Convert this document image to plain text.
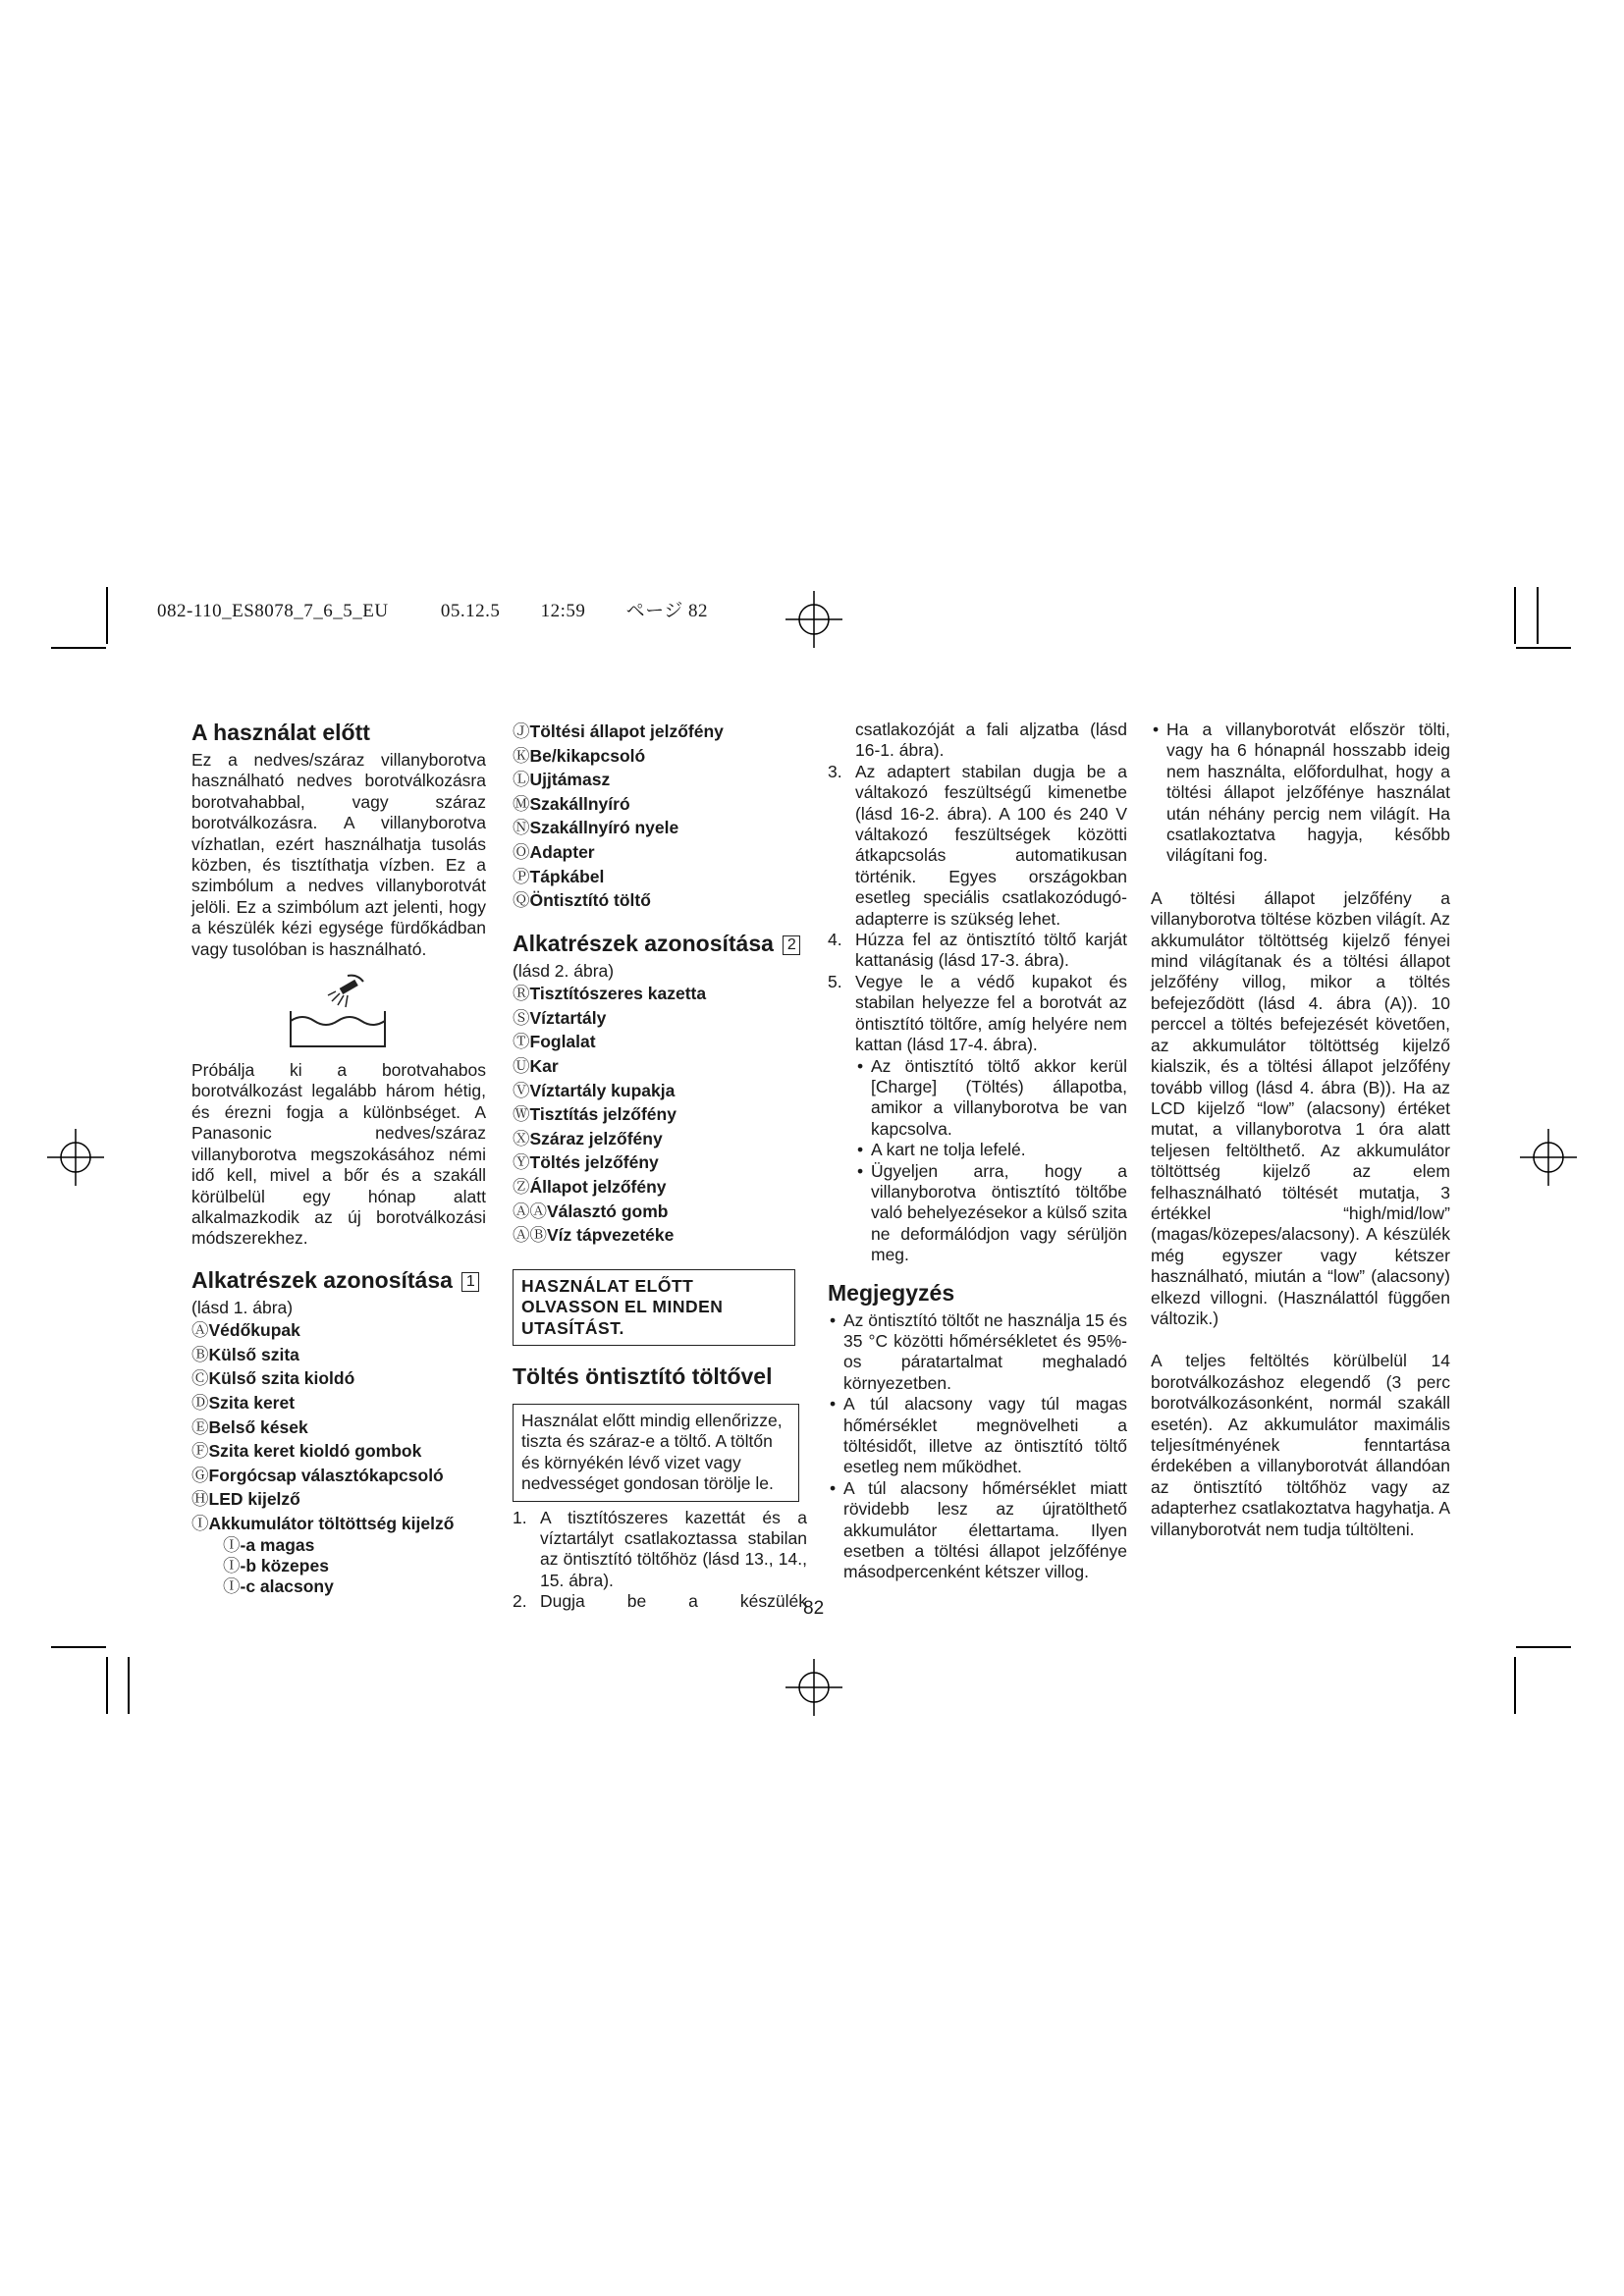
082-110_ES8078_7_6_5_EU	05.12.5 12:59 ページ 82
A használat előtt

Ez a nedves/száraz villanyborotva használható nedves borotválkozásra borotvahabbal, vagy száraz borotválkozásra. A villanyborotva vízhatlan, ezért használhatja tusolás közben, és tisztíthatja vízben. Ez a szimbólum a nedves villanyborotvát jelöli. Ez a szimbólum azt jelenti, hogy a készülék kézi egysége fürdőkádban vagy tusolóban is használható.

Próbálja ki a borotvahabos borotválkozást legalább három hétig, és érezni fogja a különbséget. A Panasonic nedves/száraz villanyborotva megszokásához némi idő kell, mivel a bőr és a szakáll körülbelül egy hónap alatt alkalmazkodik az új borotválkozási módszerekhez.

Alkatrészek azonosítása 1
(lásd 1. ábra)
ⒶVédőkupak
ⒷKülső szita
ⒸKülső szita kioldó
ⒹSzita keret
ⒺBelső kések
ⒻSzita keret kioldó gombok
ⒼForgócsap választókapcsoló
ⒽLED kijelző
ⒾAkkumulátor töltöttség kijelző
Ⓘ-a magas
Ⓘ-b közepes
Ⓘ-c alacsony
ⒿTöltési állapot jelzőfény
ⓀBe/kikapcsoló
ⓁUjjtámasz
ⓂSzakállnyíró
ⓃSzakállnyíró nyele
ⓄAdapter
ⓅTápkábel
ⓆÖntisztító töltő
Alkatrészek azonosítása 2
(lásd 2. ábra)
ⓇTisztítószeres kazetta
ⓈVíztartály
ⓉFoglalat
ⓊKar
ⓋVíztartály kupakja
ⓌTisztítás jelzőfény
ⓍSzáraz jelzőfény
ⓎTöltés jelzőfény
ⓏÁllapot jelzőfény
ⒶⒶVálasztó gomb
ⒶⒷVíz tápvezetéke
HASZNÁLAT ELŐTT OLVASSON EL MINDEN UTASÍTÁST.
Töltés öntisztító töltővel
Használat előtt mindig ellenőrizze, tiszta és száraz-e a töltő. A töltőn és környékén lévő vizet vagy nedvességet gondosan törölje le.
1. A tisztítószeres kazettát és a víztartályt csatlakoztassa stabilan az öntisztító töltőhöz (lásd 13., 14., 15. ábra).
2. Dugja be a készülék

csatlakozóját a fali aljzatba (lásd 16-1. ábra).

3. Az adaptert stabilan dugja be a váltakozó feszültségű kimenetbe (lásd 16-2. ábra). A 100 és 240 V váltakozó feszültségek közötti átkapcsolás automatikusan történik. Egyes országokban esetleg speciális csatlakozódugó-adapterre is szükség lehet.
4. Húzza fel az öntisztító töltő karját kattanásig (lásd 17-3. ábra).
5. Vegye le a védő kupakot és stabilan helyezze fel a borotvát az öntisztító töltőre, amíg helyére nem kattan (lásd 17-4. ábra).
• Az öntisztító töltő akkor kerül [Charge] (Töltés) állapotba, amikor a villanyborotva be van kapcsolva.
• A kart ne tolja lefelé.
• Ügyeljen arra, hogy a villanyborotva öntisztító töltőbe való behelyezésekor a külső szita ne deformálódjon vagy sérüljön meg.
Megjegyzés
• Az öntisztító töltőt ne használja 15 és 35 °C közötti hőmérsékletet és 95%-os páratartalmat meghaladó környezetben.
• A túl alacsony vagy túl magas hőmérséklet megnövelheti a töltésidőt, illetve az öntisztító töltő esetleg nem működhet.
• A túl alacsony hőmérséklet miatt rövidebb lesz az újratölthető akkumulátor élettartama. Ilyen esetben a töltési állapot jelzőfénye másodpercenként kétszer villog.
• Ha a villanyborotvát először tölti, vagy ha 6 hónapnál hosszabb ideig nem használta, előfordulhat, hogy a töltési állapot jelzőfénye használat után néhány percig nem világít. Ha csatlakoztatva hagyja, később világítani fog.

A töltési állapot jelzőfény a villanyborotva töltése közben világít. Az akkumulátor töltöttség kijelző fényei mind világítanak és a töltési állapot jelzőfény villog, mikor a töltés befejeződött (lásd 4. ábra (A)). 10 perccel a töltés befejezését követően, az akkumulátor töltöttség kijelző kialszik, és a töltési állapot jelzőfény tovább villog (lásd 4. ábra (B)). Ha az LCD kijelző “low” (alacsony) értéket mutat, a villanyborotva 1 óra alatt teljesen feltölthető. Az akkumulátor töltöttség kijelző az elem felhasználható töltését mutatja, 3 értékkel “high/mid/low” (magas/közepes/alacsony). A készülék még egyszer vagy kétszer használható, miután a “low” (alacsony) elkezd villogni. (Használattól függően változik.)

A teljes feltöltés körülbelül 14 borotválkozáshoz elegendő (3 perc borotválkozásonként, normál szakáll esetén). Az akkumulátor maximális teljesítményének fenntartása érdekében a villanyborotvát állandóan az öntisztító töltőhöz vagy az adapterhez csatlakoztatva hagyhatja. A villanyborotvát nem tudja túltölteni.

82
